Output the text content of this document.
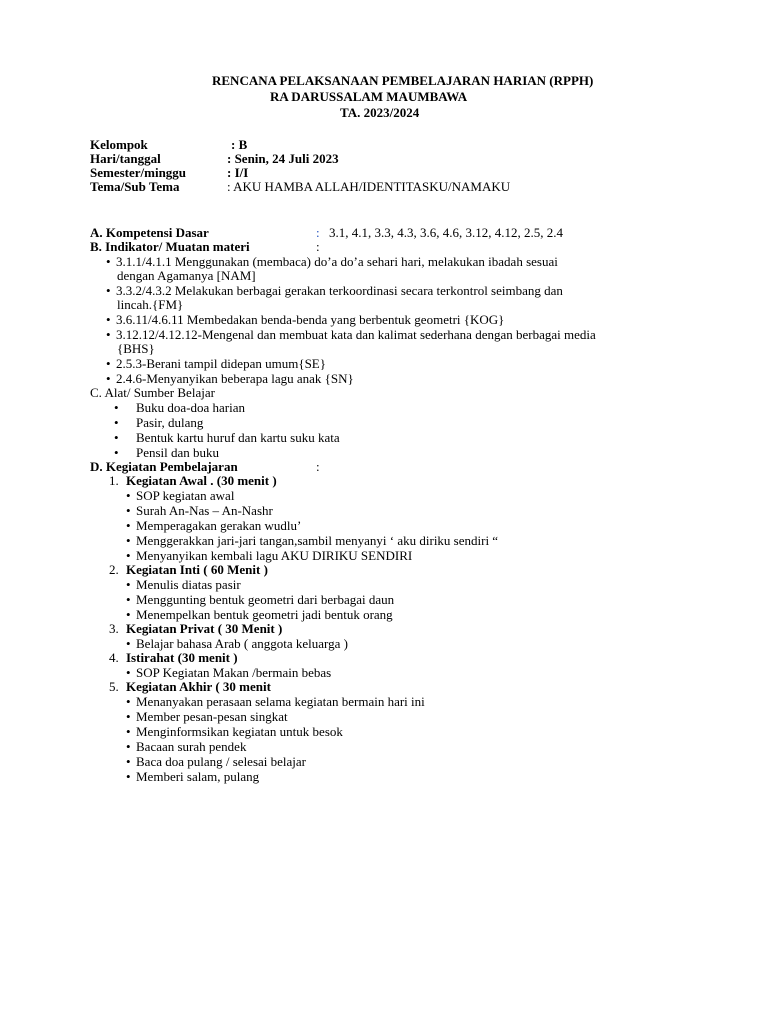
RENCANA PELAKSANAAN PEMBELAJARAN HARIAN (RPPH)
RA DARUSSALAM MAUMBAWA
TA. 2023/2024
Kelompok	: B
Hari/tanggal	: Senin, 24 Juli 2023
Semester/minggu	: I/I
Tema/Sub Tema	: AKU HAMBA ALLAH/IDENTITASKU/NAMAKU
A. Kompetensi Dasar	: 3.1, 4.1, 3.3, 4.3, 3.6, 4.6, 3.12, 4.12, 2.5, 2.4
B. Indikator/ Muatan materi	:
• 3.1.1/4.1.1 Menggunakan (membaca) do’a do’a sehari hari, melakukan ibadah sesuai
dengan Agamanya [NAM]
• 3.3.2/4.3.2 Melakukan berbagai gerakan terkoordinasi secara terkontrol seimbang dan
lincah.{FM}
• 3.6.11/4.6.11 Membedakan benda-benda yang berbentuk geometri {KOG}
• 3.12.12/4.12.12-Mengenal dan membuat kata dan kalimat sederhana dengan berbagai media
{BHS}
• 2.5.3-Berani tampil didepan umum{SE}
• 2.4.6-Menyanyikan beberapa lagu anak {SN}
C. Alat/ Sumber Belajar
• Buku doa-doa harian
• Pasir, dulang
• Bentuk kartu huruf dan kartu suku kata
• Pensil dan buku
D. Kegiatan Pembelajaran	:
1. Kegiatan Awal . (30 menit )
• SOP kegiatan awal
• Surah An-Nas – An-Nashr
• Memperagakan gerakan wudlu’
• Menggerakkan jari-jari tangan,sambil menyanyi ‘ aku diriku sendiri “
• Menyanyikan kembali lagu AKU DIRIKU SENDIRI
2. Kegiatan Inti ( 60 Menit )
• Menulis diatas pasir
• Menggunting bentuk geometri dari berbagai daun
• Menempelkan bentuk geometri jadi bentuk orang
3. Kegiatan Privat ( 30 Menit )
• Belajar bahasa Arab ( anggota keluarga )
4. Istirahat (30 menit )
• SOP Kegiatan Makan /bermain bebas
5. Kegiatan Akhir ( 30 menit
• Menanyakan perasaan selama kegiatan bermain hari ini
• Member pesan-pesan singkat
• Menginformsikan kegiatan untuk besok
• Bacaan surah pendek
• Baca doa pulang / selesai belajar
• Memberi salam, pulang
